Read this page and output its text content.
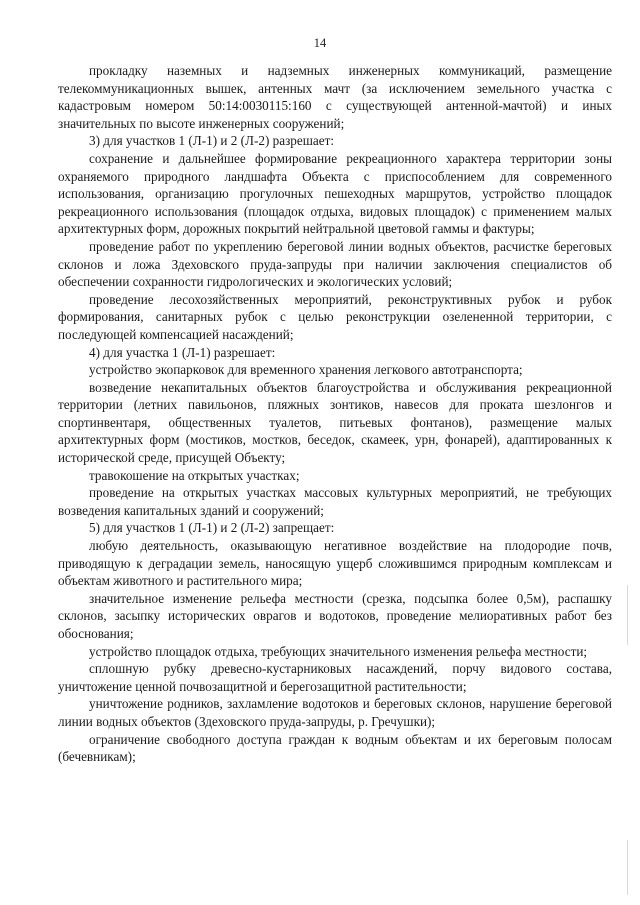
14

прокладку наземных и надземных инженерных коммуникаций, размещение телекоммуникационных вышек, антенных мачт (за исключением земельного участка с кадастровым номером 50:14:0030115:160 с существующей антенной-мачтой) и иных значительных по высоте инженерных сооружений;

3) для участков 1 (Л-1) и 2 (Л-2) разрешает:

сохранение и дальнейшее формирование рекреационного характера территории зоны охраняемого природного ландшафта Объекта с приспособлением для современного использования, организацию прогулочных пешеходных маршрутов, устройство площадок рекреационного использования (площадок отдыха, видовых площадок) с применением малых архитектурных форм, дорожных покрытий нейтральной цветовой гаммы и фактуры;

проведение работ по укреплению береговой линии водных объектов, расчистке береговых склонов и ложа Здеховского пруда-запруды при наличии заключения специалистов об обеспечении сохранности гидрологических и экологических условий;

проведение лесохозяйственных мероприятий, реконструктивных рубок и рубок формирования, санитарных рубок с целью реконструкции озелененной территории, с последующей компенсацией насаждений;

4) для участка 1 (Л-1) разрешает:

устройство экопарковок для временного хранения легкового автотранспорта;

возведение некапитальных объектов благоустройства и обслуживания рекреационной территории (летних павильонов, пляжных зонтиков, навесов для проката шезлонгов и спортинвентаря, общественных туалетов, питьевых фонтанов), размещение малых архитектурных форм (мостиков, мостков, беседок, скамеек, урн, фонарей), адаптированных к исторической среде, присущей Объекту;

травокошение на открытых участках;

проведение на открытых участках массовых культурных мероприятий, не требующих возведения капитальных зданий и сооружений;

5) для участков 1 (Л-1) и 2 (Л-2) запрещает:

любую деятельность, оказывающую негативное воздействие на плодородие почв, приводящую к деградации земель, наносящую ущерб сложившимся природным комплексам и объектам животного и растительного мира;

значительное изменение рельефа местности (срезка, подсыпка более 0,5м), распашку склонов, засыпку исторических оврагов и водотоков, проведение мелиоративных работ без обоснования;

устройство площадок отдыха, требующих значительного изменения рельефа местности;

сплошную рубку древесно-кустарниковых насаждений, порчу видового состава, уничтожение ценной почвозащитной и берегозащитной растительности;

уничтожение родников, захламление водотоков и береговых склонов, нарушение береговой линии водных объектов (Здеховского пруда-запруды, р. Гречушки);

ограничение свободного доступа граждан к водным объектам и их береговым полосам (бечевникам);
